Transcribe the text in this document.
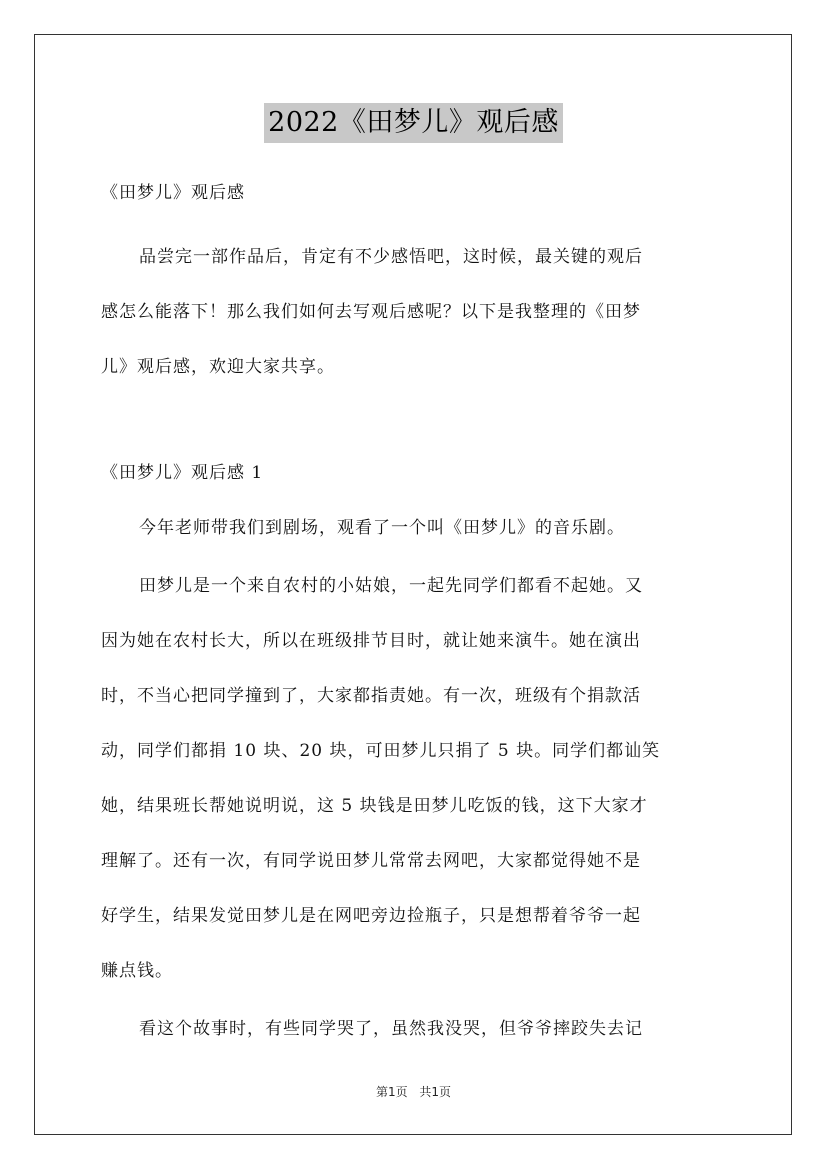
2022《田梦儿》观后感

《田梦儿》观后感

品尝完一部作品后，肯定有不少感悟吧，这时候，最关键的观后
感怎么能落下！那么我们如何去写观后感呢？以下是我整理的《田梦
儿》观后感，欢迎大家共享。

《田梦儿》观后感 1

今年老师带我们到剧场，观看了一个叫《田梦儿》的音乐剧。
田梦儿是一个来自农村的小姑娘，一起先同学们都看不起她。又
因为她在农村长大，所以在班级排节目时，就让她来演牛。她在演出
时，不当心把同学撞到了，大家都指责她。有一次，班级有个捐款活
动，同学们都捐 10 块、20 块，可田梦儿只捐了 5 块。同学们都讪笑
她，结果班长帮她说明说，这 5 块钱是田梦儿吃饭的钱，这下大家才
理解了。还有一次，有同学说田梦儿常常去网吧，大家都觉得她不是
好学生，结果发觉田梦儿是在网吧旁边捡瓶子，只是想帮着爷爷一起
赚点钱。
看这个故事时，有些同学哭了，虽然我没哭，但爷爷摔跤失去记
第1页 共1页
